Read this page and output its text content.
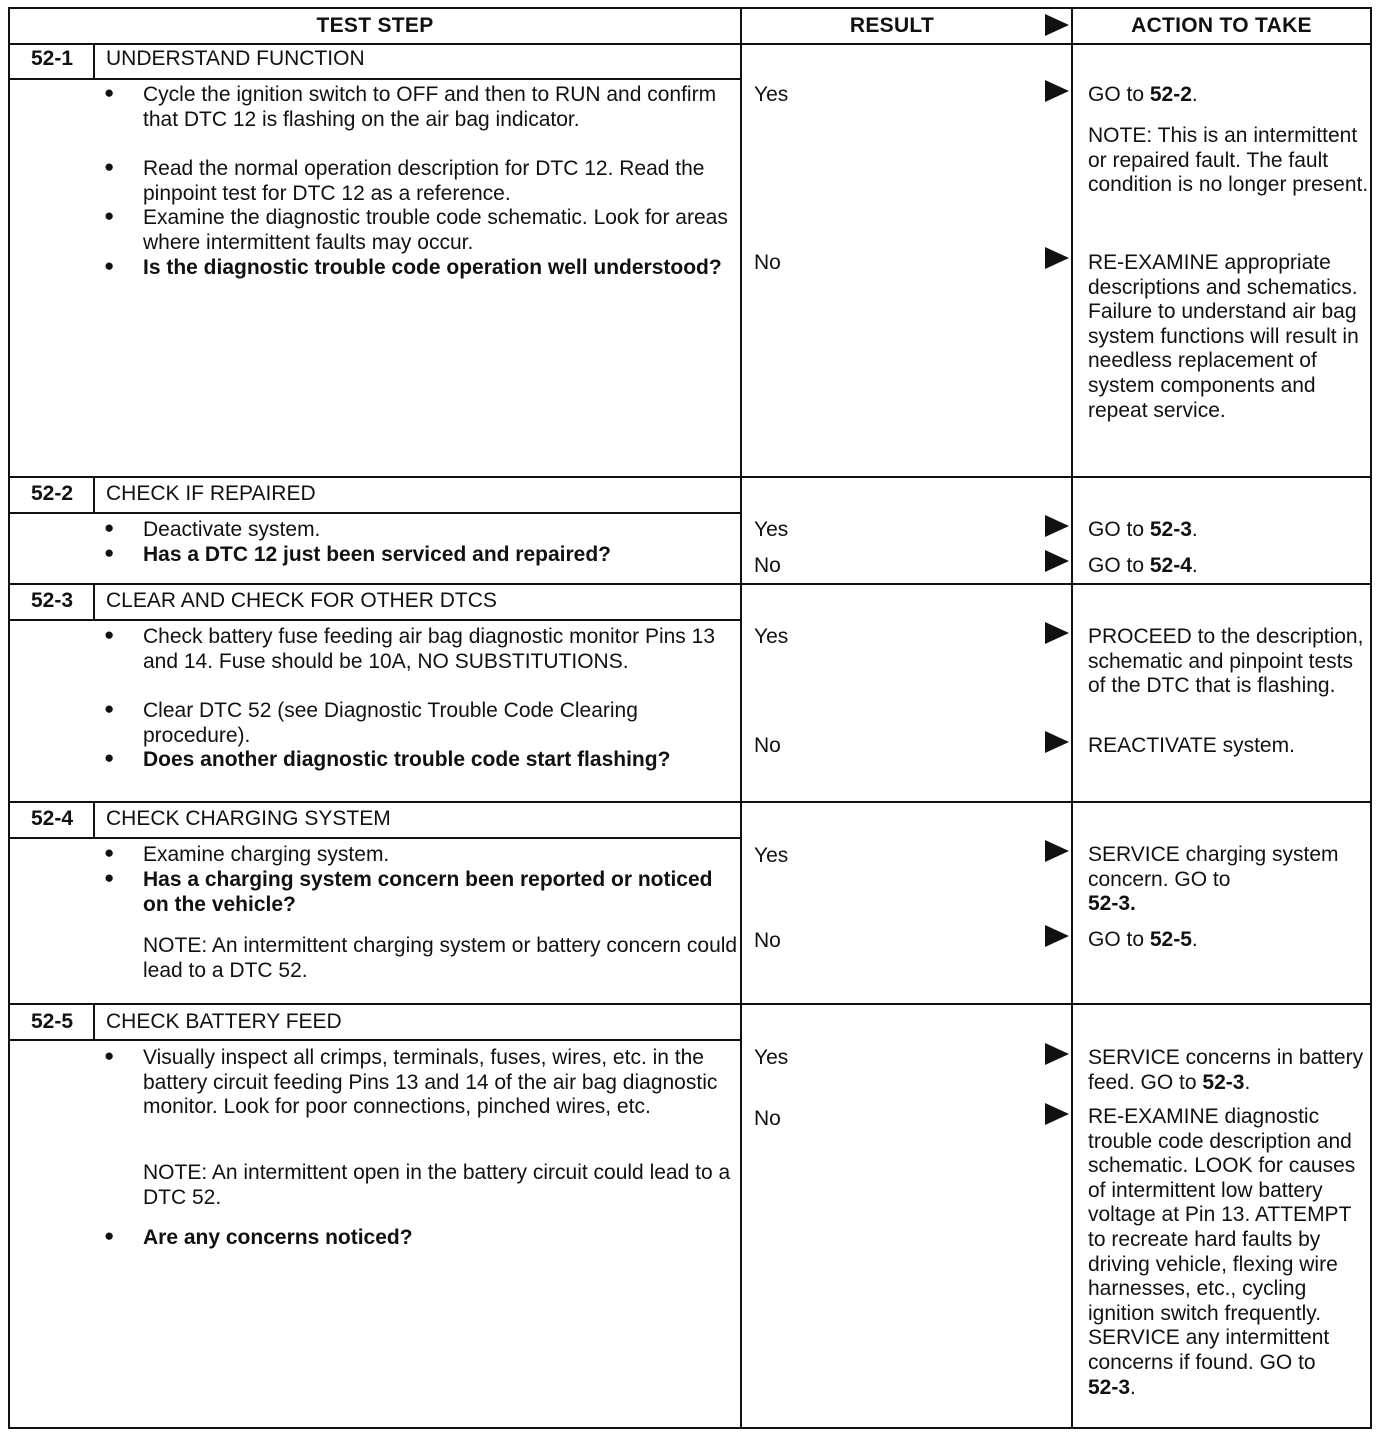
TEST STEP	RESULT	ACTION TO TAKE
52-1	UNDERSTAND FUNCTION
● Cycle the ignition switch to OFF and then to RUN and confirm that DTC 12 is flashing on the air bag indicator.
● Read the normal operation description for DTC 12. Read the pinpoint test for DTC 12 as a reference.
● Examine the diagnostic trouble code schematic. Look for areas where intermittent faults may occur.
● Is the diagnostic trouble code operation well understood?
Yes	GO to 52-2.
NOTE: This is an intermittent or repaired fault. The fault condition is no longer present.
No	RE-EXAMINE appropriate descriptions and schematics. Failure to understand air bag system functions will result in needless replacement of system components and repeat service.
52-2	CHECK IF REPAIRED
● Deactivate system.
● Has a DTC 12 just been serviced and repaired?
Yes	GO to 52-3.
No	GO to 52-4.
52-3	CLEAR AND CHECK FOR OTHER DTCS
● Check battery fuse feeding air bag diagnostic monitor Pins 13 and 14. Fuse should be 10A, NO SUBSTITUTIONS.
● Clear DTC 52 (see Diagnostic Trouble Code Clearing procedure).
● Does another diagnostic trouble code start flashing?
Yes	PROCEED to the description, schematic and pinpoint tests of the DTC that is flashing.
No	REACTIVATE system.
52-4	CHECK CHARGING SYSTEM
● Examine charging system.
● Has a charging system concern been reported or noticed on the vehicle?
NOTE: An intermittent charging system or battery concern could lead to a DTC 52.
Yes	SERVICE charging system concern. GO to
52-3.
No	GO to 52-5.
52-5	CHECK BATTERY FEED
● Visually inspect all crimps, terminals, fuses, wires, etc. in the battery circuit feeding Pins 13 and 14 of the air bag diagnostic monitor. Look for poor connections, pinched wires, etc.
NOTE: An intermittent open in the battery circuit could lead to a DTC 52.
● Are any concerns noticed?
Yes	SERVICE concerns in battery feed. GO to 52-3.
No	RE-EXAMINE diagnostic trouble code description and schematic. LOOK for causes of intermittent low battery voltage at Pin 13. ATTEMPT to recreate hard faults by driving vehicle, flexing wire harnesses, etc., cycling ignition switch frequently. SERVICE any intermittent concerns if found. GO to
52-3.
